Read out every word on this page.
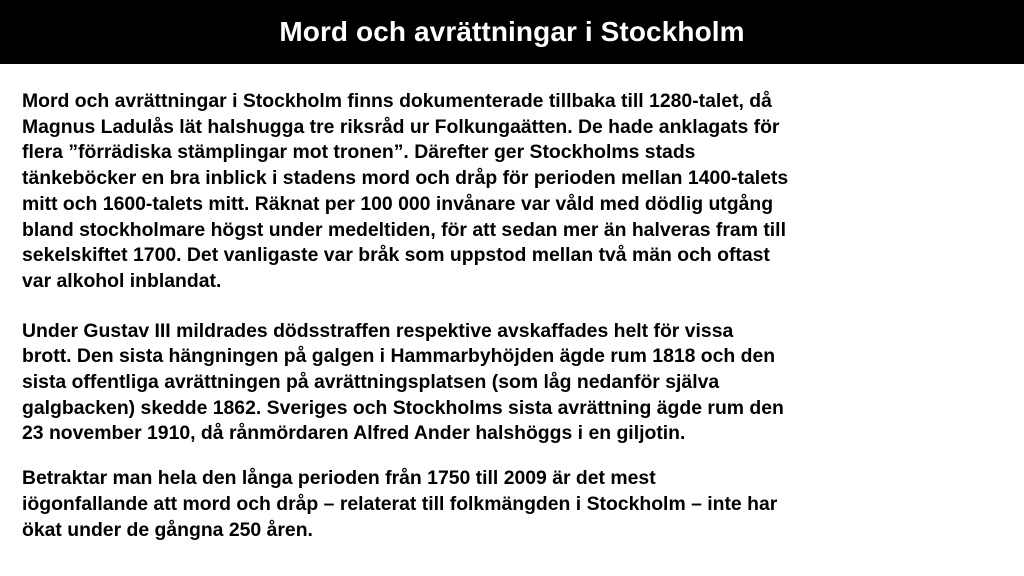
Mord och avrättningar i Stockholm

Mord och avrättningar i Stockholm finns dokumenterade tillbaka till 1280-talet, då
Magnus Ladulås lät halshugga tre riksråd ur Folkungaätten. De hade anklagats för
flera ”förrädiska stämplingar mot tronen”. Därefter ger Stockholms stads
tänkeböcker en bra inblick i stadens mord och dråp för perioden mellan 1400-talets
mitt och 1600-talets mitt. Räknat per 100 000 invånare var våld med dödlig utgång
bland stockholmare högst under medeltiden, för att sedan mer än halveras fram till
sekelskiftet 1700. Det vanligaste var bråk som uppstod mellan två män och oftast
var alkohol inblandat.

Under Gustav III mildrades dödsstraffen respektive avskaffades helt för vissa
brott. Den sista hängningen på galgen i Hammarbyhöjden ägde rum 1818 och den
sista offentliga avrättningen på avrättningsplatsen (som låg nedanför själva
galgbacken) skedde 1862. Sveriges och Stockholms sista avrättning ägde rum den
23 november 1910, då rånmördaren Alfred Ander halshöggs i en giljotin.

Betraktar man hela den långa perioden från 1750 till 2009 är det mest
iögonfallande att mord och dråp – relaterat till folkmängden i Stockholm – inte har
ökat under de gångna 250 åren.
